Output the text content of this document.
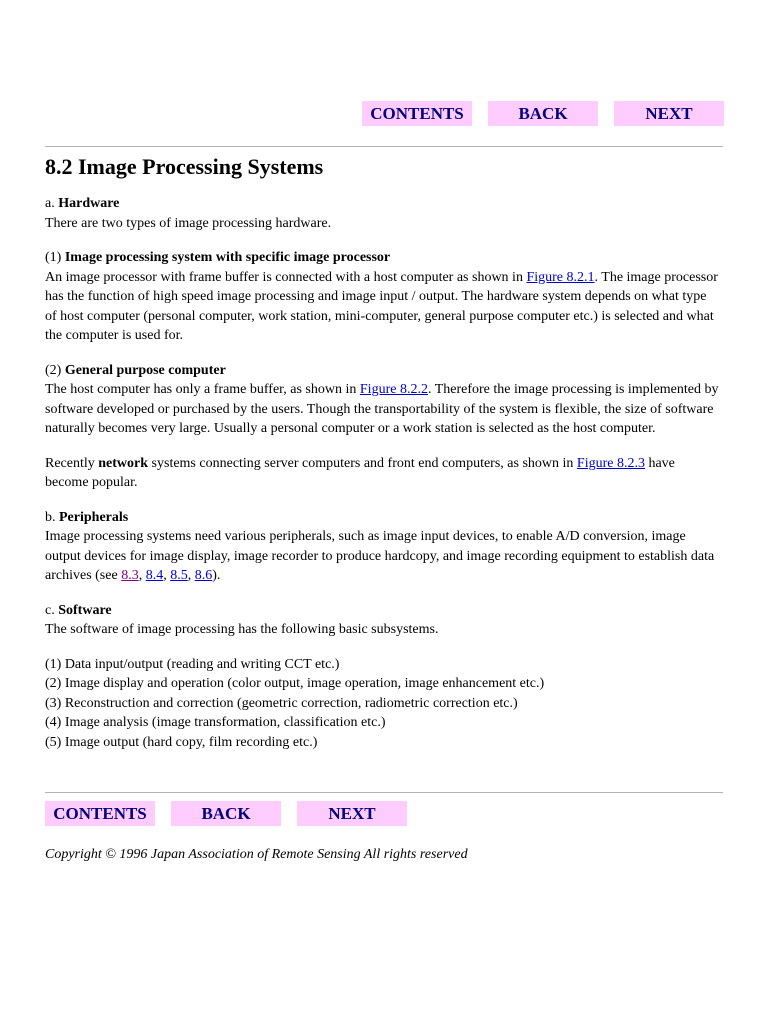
CONTENTS	BACK	NEXT
8.2 Image Processing Systems

a. Hardware

There are two types of image processing hardware.

(1) Image processing system with specific image processor

An image processor with frame buffer is connected with a host computer as shown in Figure 8.2.1. The image processor has the function of high speed image processing and image input / output. The hardware system depends on what type of host computer (personal computer, work station, mini-computer, general purpose computer etc.) is selected and what the computer is used for.

(2) General purpose computer

The host computer has only a frame buffer, as shown in Figure 8.2.2. Therefore the image processing is implemented by software developed or purchased by the users. Though the transportability of the system is flexible, the size of software naturally becomes very large. Usually a personal computer or a work station is selected as the host computer.

Recently network systems connecting server computers and front end computers, as shown in Figure 8.2.3 have become popular.

b. Peripherals

Image processing systems need various peripherals, such as image input devices, to enable A/D conversion, image output devices for image display, image recorder to produce hardcopy, and image recording equipment to establish data archives (see 8.3, 8.4, 8.5, 8.6).

c. Software

The software of image processing has the following basic subsystems.

(1) Data input/output (reading and writing CCT etc.)

(2) Image display and operation (color output, image operation, image enhancement etc.)

(3) Reconstruction and correction (geometric correction, radiometric correction etc.)

(4) Image analysis (image transformation, classification etc.)

(5) Image output (hard copy, film recording etc.)

CONTENTS	BACK	NEXT

Copyright © 1996 Japan Association of Remote Sensing All rights reserved
